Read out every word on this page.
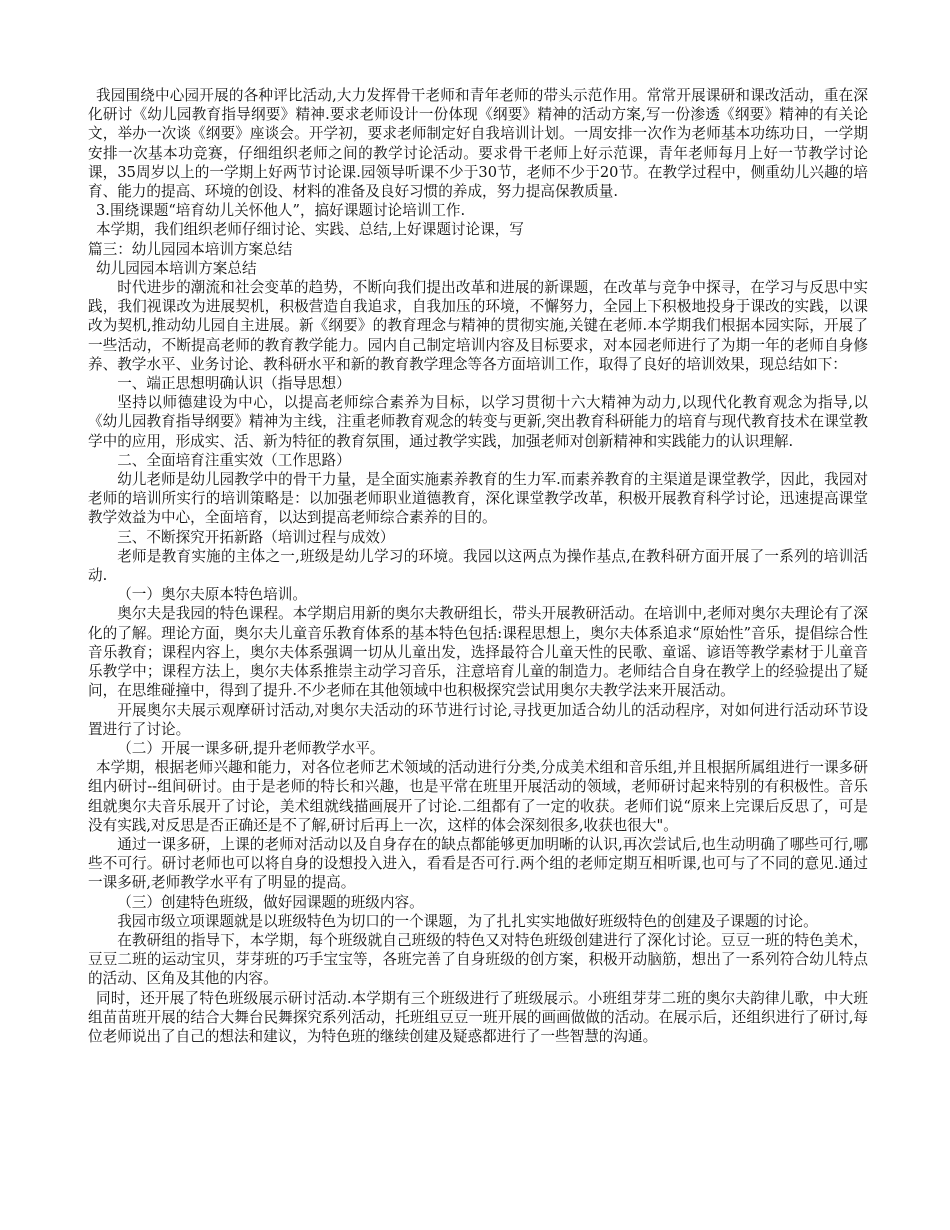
我园围绕中心园开展的各种评比活动,大力发挥骨干老师和青年老师的带头示范作用。常常开展课研和课改活动，重在深化研讨《幼儿园教育指导纲要》精神.要求老师设计一份体现《纲要》精神的活动方案,写一份渗透《纲要》精神的有关论文，举办一次谈《纲要》座谈会。开学初，要求老师制定好自我培训计划。一周安排一次作为老师基本功练功日，一学期安排一次基本功竞赛，仔细组织老师之间的教学讨论活动。要求骨干老师上好示范课，青年老师每月上好一节教学讨论课，35周岁以上的一学期上好两节讨论课.园领导听课不少于30节，老师不少于20节。在教学过程中，侧重幼儿兴趣的培育、能力的提高、环境的创设、材料的准备及良好习惯的养成，努力提高保教质量.

3.围绕课题“培育幼儿关怀他人”，搞好课题讨论培训工作.

本学期，我们组织老师仔细讨论、实践、总结,上好课题讨论课，写

篇三：幼儿园园本培训方案总结

幼儿园园本培训方案总结

时代进步的潮流和社会变革的趋势，不断向我们提出改革和进展的新课题，在改革与竞争中探寻，在学习与反思中实践，我们视课改为进展契机，积极营造自我追求，自我加压的环境，不懈努力，全园上下积极地投身于课改的实践，以课改为契机,推动幼儿园自主进展。新《纲要》的教育理念与精神的贯彻实施,关键在老师.本学期我们根据本园实际，开展了一些活动，不断提高老师的教育教学能力。园内自己制定培训内容及目标要求，对本园老师进行了为期一年的老师自身修养、教学水平、业务讨论、教科研水平和新的教育教学理念等各方面培训工作，取得了良好的培训效果，现总结如下：

一、端正思想明确认识（指导思想）

坚持以师德建设为中心，以提高老师综合素养为目标，以学习贯彻十六大精神为动力,以现代化教育观念为指导,以《幼儿园教育指导纲要》精神为主线，注重老师教育观念的转变与更新,突出教育科研能力的培育与现代教育技术在课堂教学中的应用，形成实、活、新为特征的教育氛围，通过教学实践，加强老师对创新精神和实践能力的认识理解.

二、全面培育注重实效（工作思路）

幼儿老师是幼儿园教学中的骨干力量，是全面实施素养教育的生力军.而素养教育的主渠道是课堂教学，因此，我园对老师的培训所实行的培训策略是：以加强老师职业道德教育，深化课堂教学改革，积极开展教育科学讨论，迅速提高课堂教学效益为中心，全面培育，以达到提高老师综合素养的目的。

三、不断探究开拓新路（培训过程与成效）

老师是教育实施的主体之一,班级是幼儿学习的环境。我园以这两点为操作基点,在教科研方面开展了一系列的培训活动.

（一）奥尔夫原本特色培训。

奥尔夫是我园的特色课程。本学期启用新的奥尔夫教研组长，带头开展教研活动。在培训中,老师对奥尔夫理论有了深化的了解。理论方面，奥尔夫儿童音乐教育体系的基本特色包括:课程思想上，奥尔夫体系追求“原始性”音乐，提倡综合性音乐教育；课程内容上，奥尔夫体系强调一切从儿童出发，选择最符合儿童天性的民歌、童谣、谚语等教学素材于儿童音乐教学中；课程方法上，奥尔夫体系推崇主动学习音乐，注意培育儿童的制造力。老师结合自身在教学上的经验提出了疑问，在思维碰撞中，得到了提升.不少老师在其他领域中也积极探究尝试用奥尔夫教学法来开展活动。

开展奥尔夫展示观摩研讨活动,对奥尔夫活动的环节进行讨论,寻找更加适合幼儿的活动程序，对如何进行活动环节设置进行了讨论。

（二）开展一课多研,提升老师教学水平。

本学期，根据老师兴趣和能力，对各位老师艺术领域的活动进行分类,分成美术组和音乐组,并且根据所属组进行一课多研组内研讨--组间研讨。由于是老师的特长和兴趣，也是平常在班里开展活动的领域，老师研讨起来特别的有积极性。音乐组就奥尔夫音乐展开了讨论，美术组就线描画展开了讨论.二组都有了一定的收获。老师们说“原来上完课后反思了，可是没有实践,对反思是否正确还是不了解,研讨后再上一次，这样的体会深刻很多,收获也很大"。

通过一课多研，上课的老师对活动以及自身存在的缺点都能够更加明晰的认识,再次尝试后,也生动明确了哪些可行,哪些不可行。研讨老师也可以将自身的设想投入进入，看看是否可行.两个组的老师定期互相听课,也可与了不同的意见.通过一课多研,老师教学水平有了明显的提高。

（三）创建特色班级，做好园课题的班级内容。

我园市级立项课题就是以班级特色为切口的一个课题，为了扎扎实实地做好班级特色的创建及子课题的讨论。

在教研组的指导下，本学期，每个班级就自己班级的特色又对特色班级创建进行了深化讨论。豆豆一班的特色美术，豆豆二班的运动宝贝，芽芽班的巧手宝宝等，各班完善了自身班级的创方案，积极开动脑筋，想出了一系列符合幼儿特点的活动、区角及其他的内容。

同时，还开展了特色班级展示研讨活动.本学期有三个班级进行了班级展示。小班组芽芽二班的奥尔夫韵律儿歌，中大班组苗苗班开展的结合大舞台民舞探究系列活动，托班组豆豆一班开展的画画做做的活动。在展示后，还组织进行了研讨,每位老师说出了自己的想法和建议，为特色班的继续创建及疑惑都进行了一些智慧的沟通。
